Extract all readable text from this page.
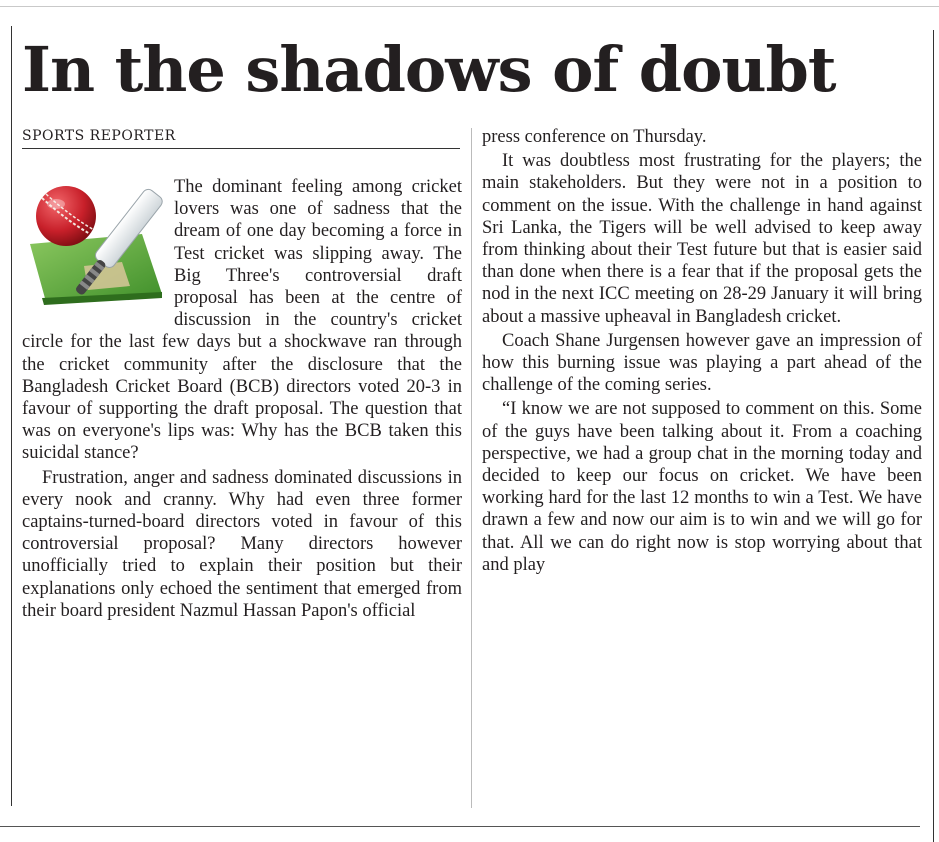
In the shadows of doubt
SPORTS REPORTER

The dominant feeling among cricket lovers was one of sadness that the dream of one day becoming a force in Test cricket was slipping away. The Big Three's controversial draft proposal has been at the centre of discussion in the country's cricket circle for the last few days but a shockwave ran through the cricket community after the disclosure that the Bangladesh Cricket Board (BCB) directors voted 20-3 in favour of supporting the draft proposal. The question that was on everyone's lips was: Why has the BCB taken this suicidal stance?

Frustration, anger and sadness dominated discussions in every nook and cranny. Why had even three former captains-turned-board directors voted in favour of this controversial proposal? Many directors however unofficially tried to explain their position but their explanations only echoed the sentiment that emerged from their board president Nazmul Hassan Papon's official

press conference on Thursday.

It was doubtless most frustrating for the players; the main stakeholders. But they were not in a position to comment on the issue. With the challenge in hand against Sri Lanka, the Tigers will be well advised to keep away from thinking about their Test future but that is easier said than done when there is a fear that if the proposal gets the nod in the next ICC meeting on 28-29 January it will bring about a massive upheaval in Bangladesh cricket.

Coach Shane Jurgensen however gave an impression of how this burning issue was playing a part ahead of the challenge of the coming series.

“I know we are not supposed to comment on this. Some of the guys have been talking about it. From a coaching perspective, we had a group chat in the morning today and decided to keep our focus on cricket. We have been working hard for the last 12 months to win a Test. We have drawn a few and now our aim is to win and we will go for that. All we can do right now is stop worrying about that and play
